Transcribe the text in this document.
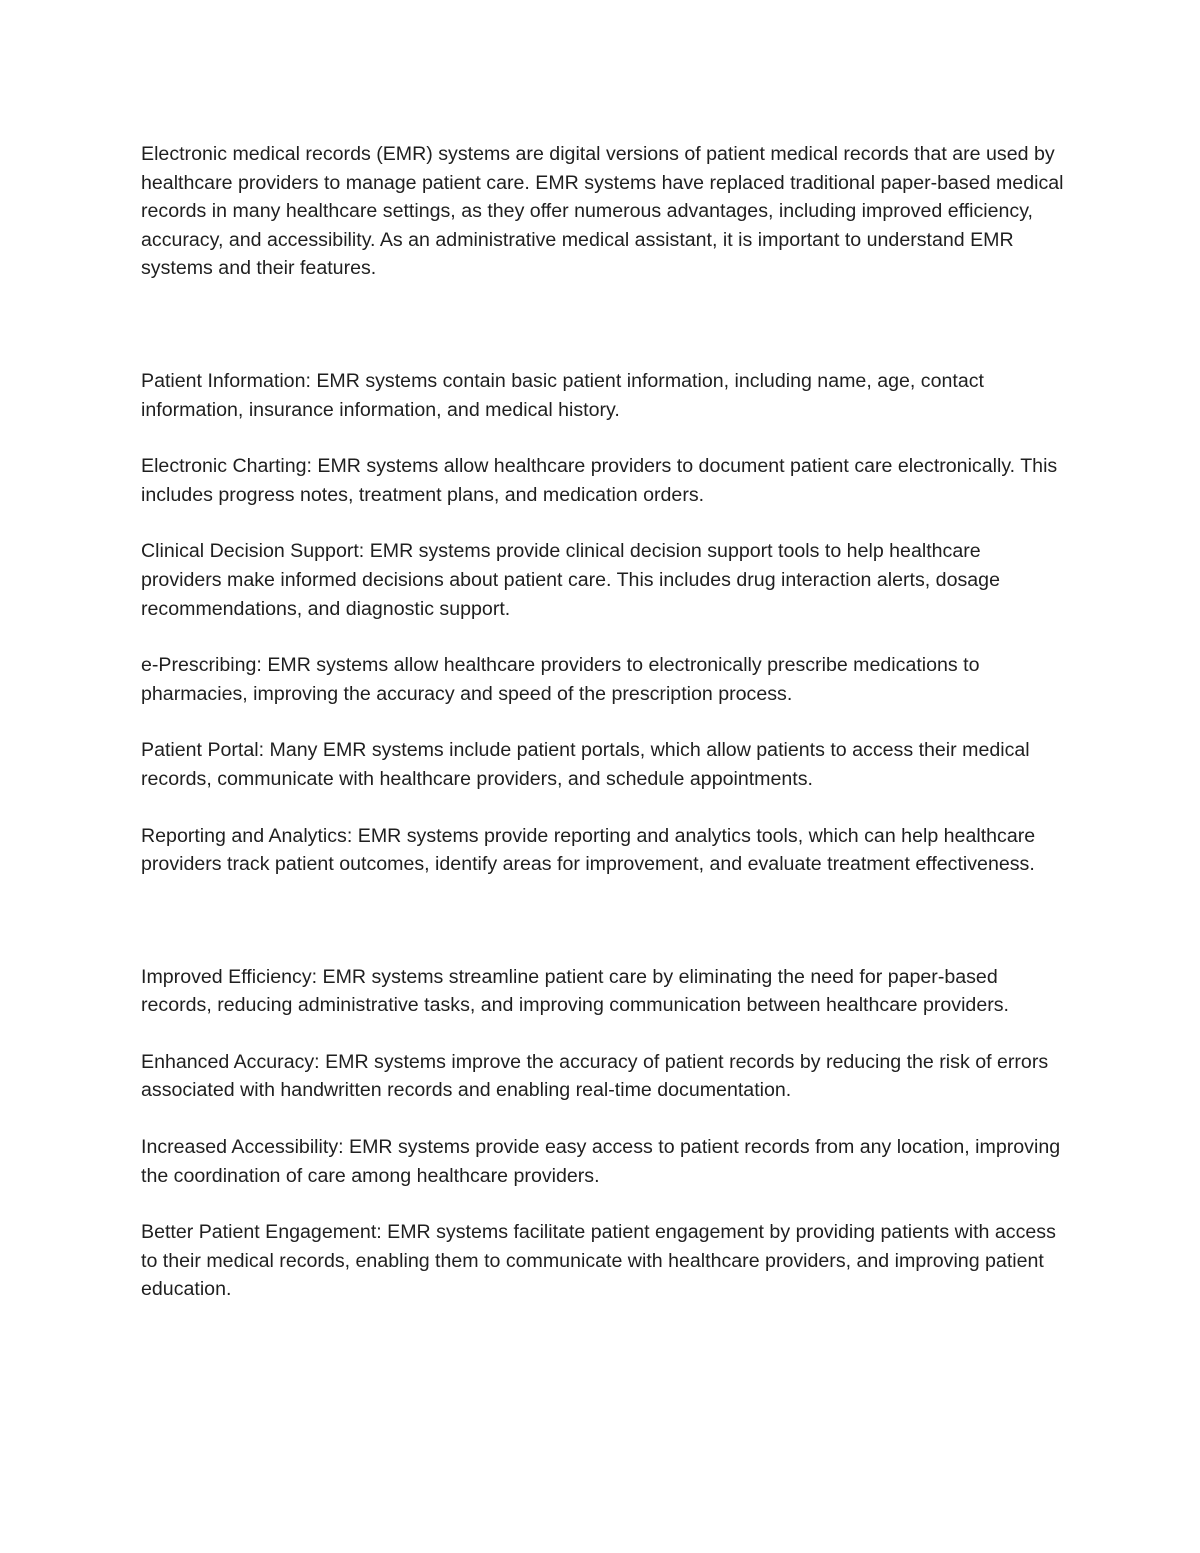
Electronic medical records (EMR) systems are digital versions of patient medical records that are used by healthcare providers to manage patient care. EMR systems have replaced traditional paper-based medical records in many healthcare settings, as they offer numerous advantages, including improved efficiency, accuracy, and accessibility. As an administrative medical assistant, it is important to understand EMR systems and their features.

Patient Information: EMR systems contain basic patient information, including name, age, contact information, insurance information, and medical history.

Electronic Charting: EMR systems allow healthcare providers to document patient care electronically. This includes progress notes, treatment plans, and medication orders.

Clinical Decision Support: EMR systems provide clinical decision support tools to help healthcare providers make informed decisions about patient care. This includes drug interaction alerts, dosage recommendations, and diagnostic support.

e-Prescribing: EMR systems allow healthcare providers to electronically prescribe medications to pharmacies, improving the accuracy and speed of the prescription process.

Patient Portal: Many EMR systems include patient portals, which allow patients to access their medical records, communicate with healthcare providers, and schedule appointments.

Reporting and Analytics: EMR systems provide reporting and analytics tools, which can help healthcare providers track patient outcomes, identify areas for improvement, and evaluate treatment effectiveness.

Improved Efficiency: EMR systems streamline patient care by eliminating the need for paper-based records, reducing administrative tasks, and improving communication between healthcare providers.

Enhanced Accuracy: EMR systems improve the accuracy of patient records by reducing the risk of errors associated with handwritten records and enabling real-time documentation.

Increased Accessibility: EMR systems provide easy access to patient records from any location, improving the coordination of care among healthcare providers.

Better Patient Engagement: EMR systems facilitate patient engagement by providing patients with access to their medical records, enabling them to communicate with healthcare providers, and improving patient education.
